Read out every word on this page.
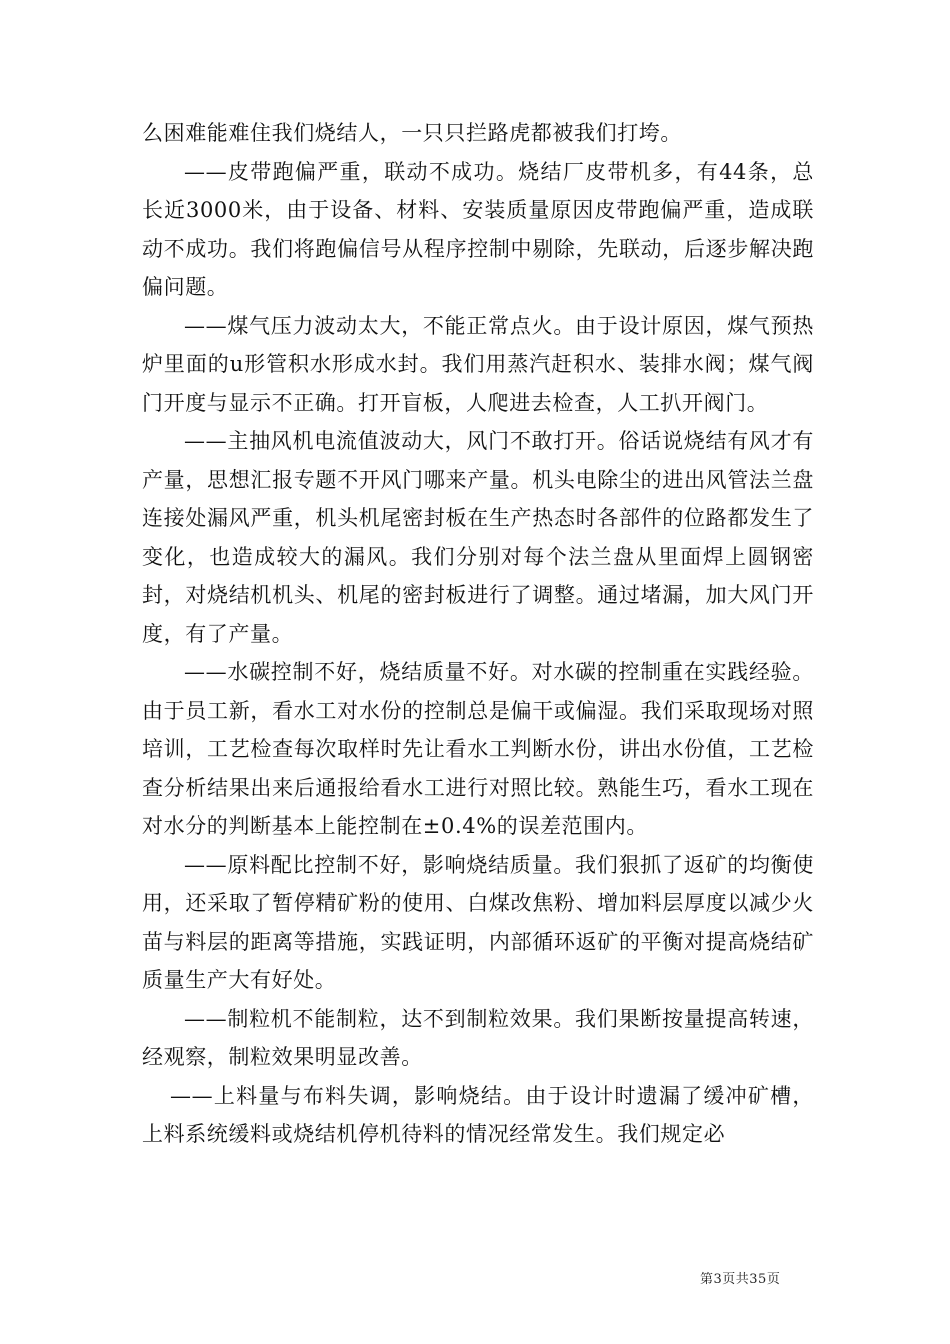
么困难能难住我们烧结人，一只只拦路虎都被我们打垮。

——皮带跑偏严重，联动不成功。烧结厂皮带机多，有44条，总长近3000米，由于设备、材料、安装质量原因皮带跑偏严重，造成联动不成功。我们将跑偏信号从程序控制中剔除，先联动，后逐步解决跑偏问题。

——煤气压力波动太大，不能正常点火。由于设计原因，煤气预热炉里面的u形管积水形成水封。我们用蒸汽赶积水、装排水阀；煤气阀门开度与显示不正确。打开盲板，人爬进去检查，人工扒开阀门。

——主抽风机电流值波动大，风门不敢打开。俗话说烧结有风才有产量，思想汇报专题不开风门哪来产量。机头电除尘的进出风管法兰盘连接处漏风严重，机头机尾密封板在生产热态时各部件的位路都发生了变化，也造成较大的漏风。我们分别对每个法兰盘从里面焊上圆钢密封，对烧结机机头、机尾的密封板进行了调整。通过堵漏，加大风门开度，有了产量。

——水碳控制不好，烧结质量不好。对水碳的控制重在实践经验。由于员工新，看水工对水份的控制总是偏干或偏湿。我们采取现场对照培训，工艺检查每次取样时先让看水工判断水份，讲出水份值，工艺检查分析结果出来后通报给看水工进行对照比较。熟能生巧，看水工现在对水分的判断基本上能控制在±0.4%的误差范围内。

——原料配比控制不好，影响烧结质量。我们狠抓了返矿的均衡使用，还采取了暂停精矿粉的使用、白煤改焦粉、增加料层厚度以减少火苗与料层的距离等措施，实践证明，内部循环返矿的平衡对提高烧结矿质量生产大有好处。

——制粒机不能制粒，达不到制粒效果。我们果断按量提高转速，经观察，制粒效果明显改善。

——上料量与布料失调，影响烧结。由于设计时遗漏了缓冲矿槽，上料系统缓料或烧结机停机待料的情况经常发生。我们规定必

第3页共35页
